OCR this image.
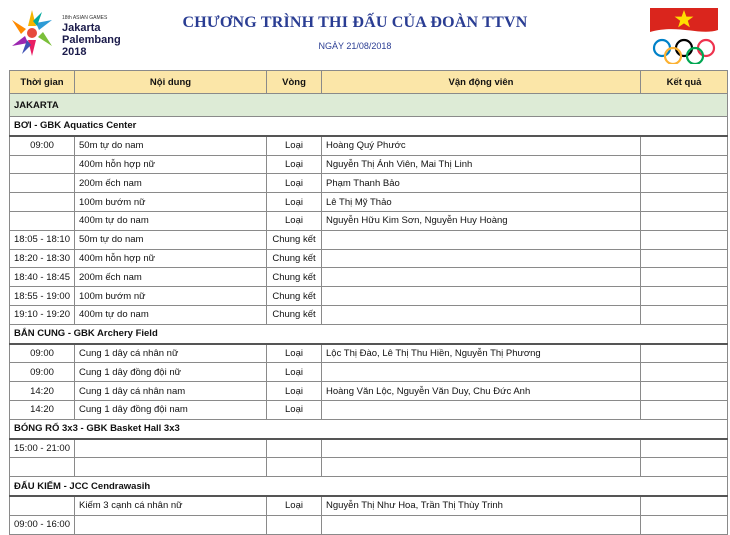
18th ASIAN GAMES
Jakarta
Palembang
2018
CHƯƠNG TRÌNH THI ĐẤU CỦA ĐOÀN TTVN
NGÀY 21/08/2018
Thời gian	Nội dung	Vòng	Vận động viên	Kết quả
JAKARTA				
BƠI - GBK Aquatics Center				
09:00	50m tự do nam	Loại	Hoàng Quý Phước	
	400m hỗn hợp nữ	Loại	Nguyễn Thị Ánh Viên, Mai Thị Linh	
	200m ếch nam	Loại	Phạm Thanh Bảo	
	100m bướm nữ	Loại	Lê Thị Mỹ Thảo	
	400m tự do nam	Loại	Nguyễn Hữu Kim Sơn, Nguyễn Huy Hoàng	
18:05 - 18:10	50m tự do nam	Chung kết		
18:20 - 18:30	400m hỗn hợp nữ	Chung kết		
18:40 - 18:45	200m ếch nam	Chung kết		
18:55 - 19:00	100m bướm nữ	Chung kết		
19:10 - 19:20	400m tự do nam	Chung kết		
BẮN CUNG - GBK Archery Field				
09:00	Cung 1 dây cá nhân nữ	Loại	Lộc Thị Đào, Lê Thị Thu Hiền, Nguyễn Thị Phương	
09:00	Cung 1 dây đồng đội nữ	Loại		
14:20	Cung 1 dây cá nhân nam	Loại	Hoàng Văn Lộc, Nguyễn Văn Duy, Chu Đức Anh	
14:20	Cung 1 dây đồng đội nam	Loại		
BÓNG RỔ 3x3 - GBK Basket Hall 3x3				
15:00 - 21:00				

ĐẤU KIẾM - JCC Cendrawasih				
	Kiếm 3 cạnh cá nhân nữ	Loại	Nguyễn Thị Như Hoa, Trần Thị Thùy Trinh	
09:00 - 16:00				
